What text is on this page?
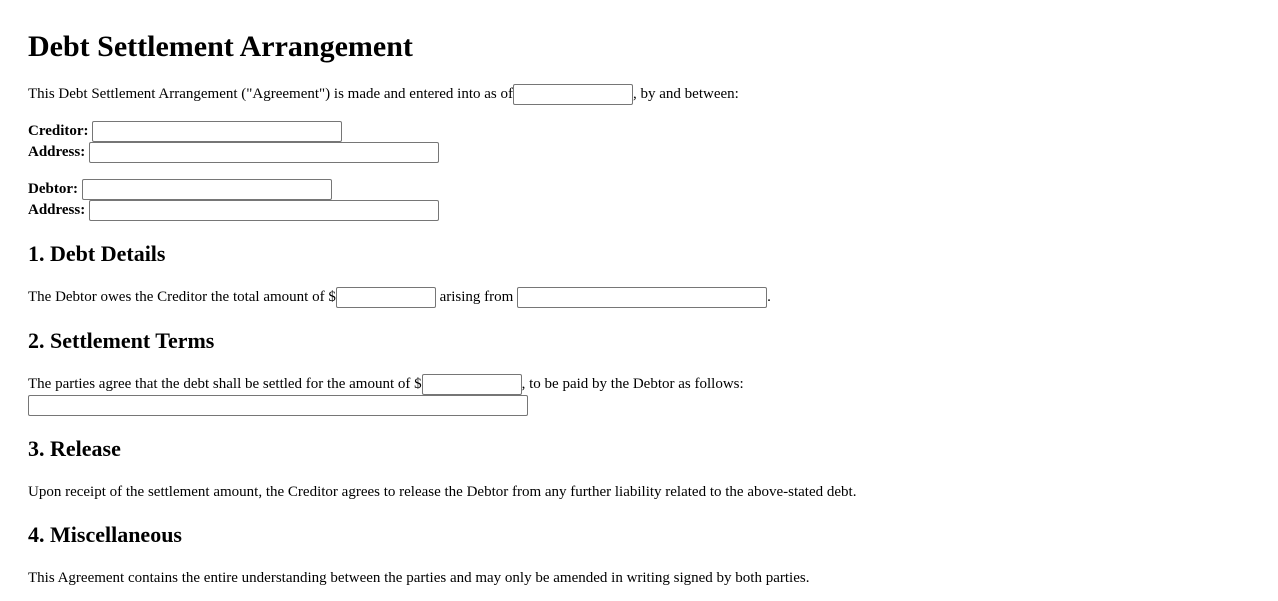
Debt Settlement Arrangement

This Debt Settlement Arrangement ("Agreement") is made and entered into as of	, by and between:

Creditor:
Address:
Debtor:
Address:
1. Debt Details

The Debtor owes the Creditor the total amount of $	arising from	.

2. Settlement Terms

The parties agree that the debt shall be settled for the amount of $	, to be paid by the Debtor as follows:

3. Release

Upon receipt of the settlement amount, the Creditor agrees to release the Debtor from any further liability related to the above-stated debt.

4. Miscellaneous

This Agreement contains the entire understanding between the parties and may only be amended in writing signed by both parties.
